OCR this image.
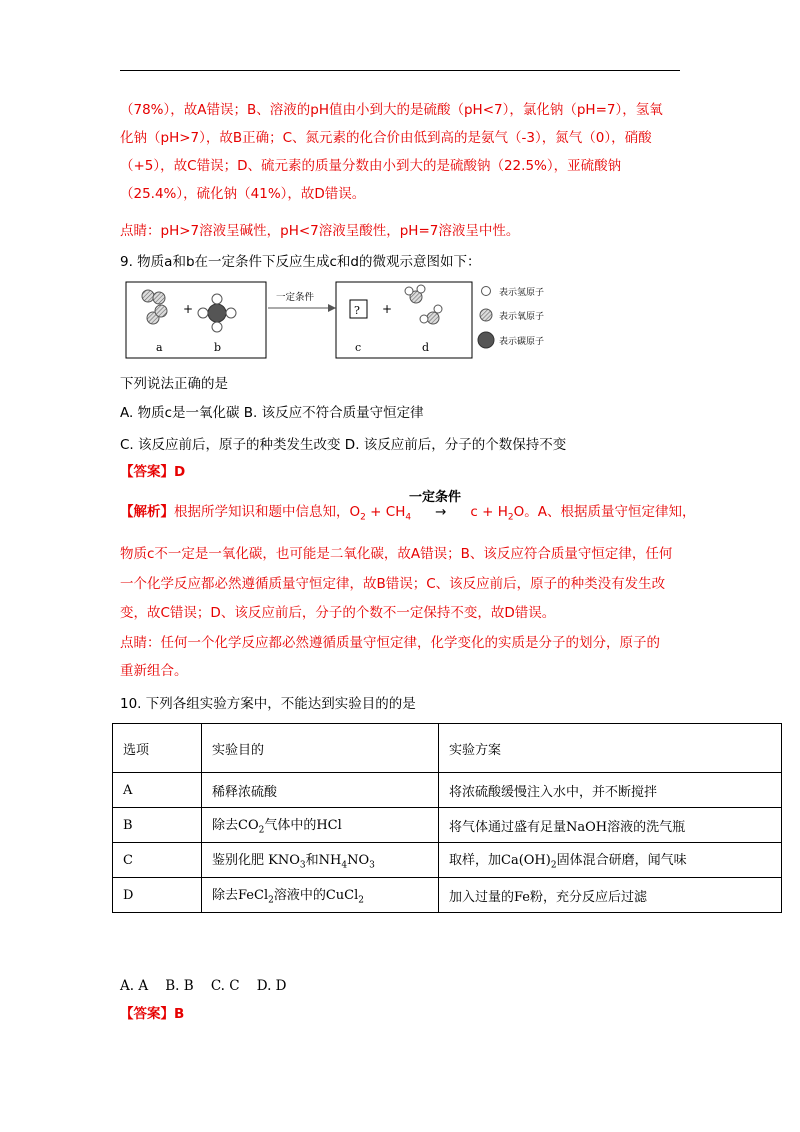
（78%），故A错误；B、溶液的pH值由小到大的是硫酸（pH<7），氯化钠（pH=7），氢氧
化钠（pH>7），故B正确；C、氮元素的化合价由低到高的是氨气（-3），氮气（0），硝酸
（+5），故C错误；D、硫元素的质量分数由小到大的是硫酸钠（22.5%），亚硫酸钠
（25.4%），硫化钠（41%），故D错误。
点睛：pH>7溶液呈碱性，pH<7溶液呈酸性，pH=7溶液呈中性。
9. 物质a和b在一定条件下反应生成c和d的微观示意图如下：
+
a	b
一定条件
? +
c	d
表示氢原子
表示氧原子
表示碳原子
下列说法正确的是
A. 物质c是一氧化碳 B. 该反应不符合质量守恒定律
C. 该反应前后，原子的种类发生改变 D. 该反应前后，分子的个数保持不变
【答案】D
一定条件
【解析】根据所学知识和题中信息知，$O_2 + CH_4 \to c + H_2O$。A、根据质量守恒定律知，
物质c不一定是一氧化碳，也可能是二氧化碳，故A错误；B、该反应符合质量守恒定律，任何
一个化学反应都必然遵循质量守恒定律，故B错误；C、该反应前后，原子的种类没有发生改
变，故C错误；D、该反应前后，分子的个数不一定保持不变，故D错误。
点睛：任何一个化学反应都必然遵循质量守恒定律，化学变化的实质是分子的划分，原子的
重新组合。
10. 下列各组实验方案中，不能达到实验目的的是
选项	实验目的	实验方案
A	稀释浓硫酸	将浓硫酸缓慢注入水中，并不断搅拌
B	除去$CO_2$气体中的HCl	将气体通过盛有足量NaOH溶液的洗气瓶
C	鉴别化肥 $KNO_3$和$NH_4NO_3$	取样，加$Ca(OH)_2$固体混合研磨，闻气味
D	除去FeCl$_2$溶液中的CuCl$_2$	加入过量的Fe粉，充分反应后过滤
A. A    B. B    C. C    D. D
【答案】B
